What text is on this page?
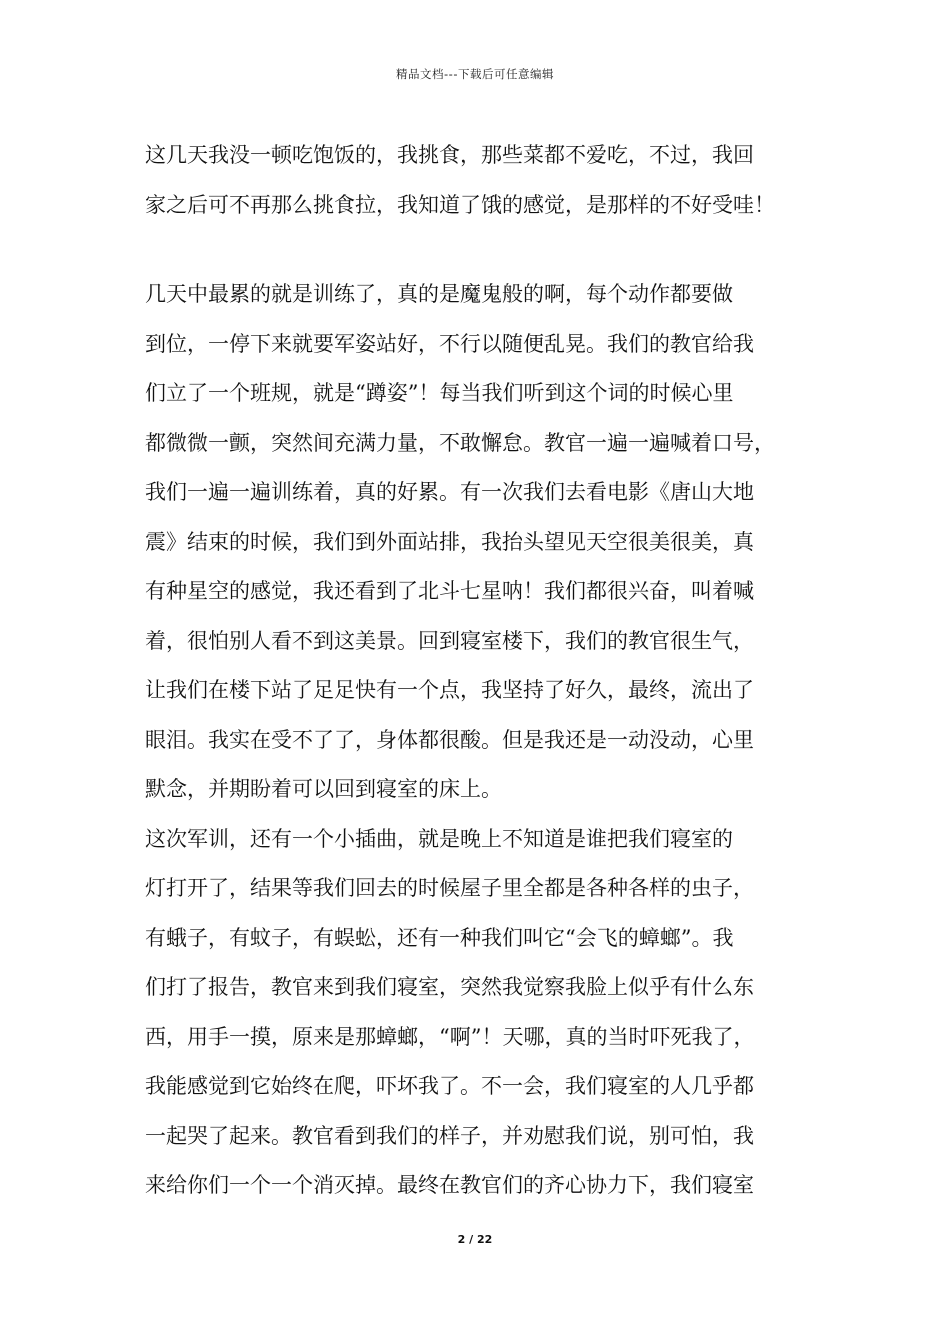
精品文档---下载后可任意编辑
这几天我没一顿吃饱饭的，我挑食，那些菜都不爱吃，不过，我回
家之后可不再那么挑食拉，我知道了饿的感觉，是那样的不好受哇！
几天中最累的就是训练了，真的是魔鬼般的啊，每个动作都要做
到位，一停下来就要军姿站好，不行以随便乱晃。我们的教官给我
们立了一个班规，就是“蹲姿”！每当我们听到这个词的时候心里
都微微一颤，突然间充满力量，不敢懈怠。教官一遍一遍喊着口号，
我们一遍一遍训练着，真的好累。有一次我们去看电影《唐山大地
震》结束的时候，我们到外面站排，我抬头望见天空很美很美，真
有种星空的感觉，我还看到了北斗七星呐！我们都很兴奋，叫着喊
着，很怕别人看不到这美景。回到寝室楼下，我们的教官很生气，
让我们在楼下站了足足快有一个点，我坚持了好久，最终，流出了
眼泪。我实在受不了了，身体都很酸。但是我还是一动没动，心里
默念，并期盼着可以回到寝室的床上。
这次军训，还有一个小插曲，就是晚上不知道是谁把我们寝室的
灯打开了，结果等我们回去的时候屋子里全都是各种各样的虫子，
有蛾子，有蚊子，有蜈蚣，还有一种我们叫它“会飞的蟑螂”。我
们打了报告，教官来到我们寝室，突然我觉察我脸上似乎有什么东
西，用手一摸，原来是那蟑螂，“啊”！天哪，真的当时吓死我了，
我能感觉到它始终在爬，吓坏我了。不一会，我们寝室的人几乎都
一起哭了起来。教官看到我们的样子，并劝慰我们说，别可怕，我
来给你们一个一个消灭掉。最终在教官们的齐心协力下，我们寝室
2 / 22
